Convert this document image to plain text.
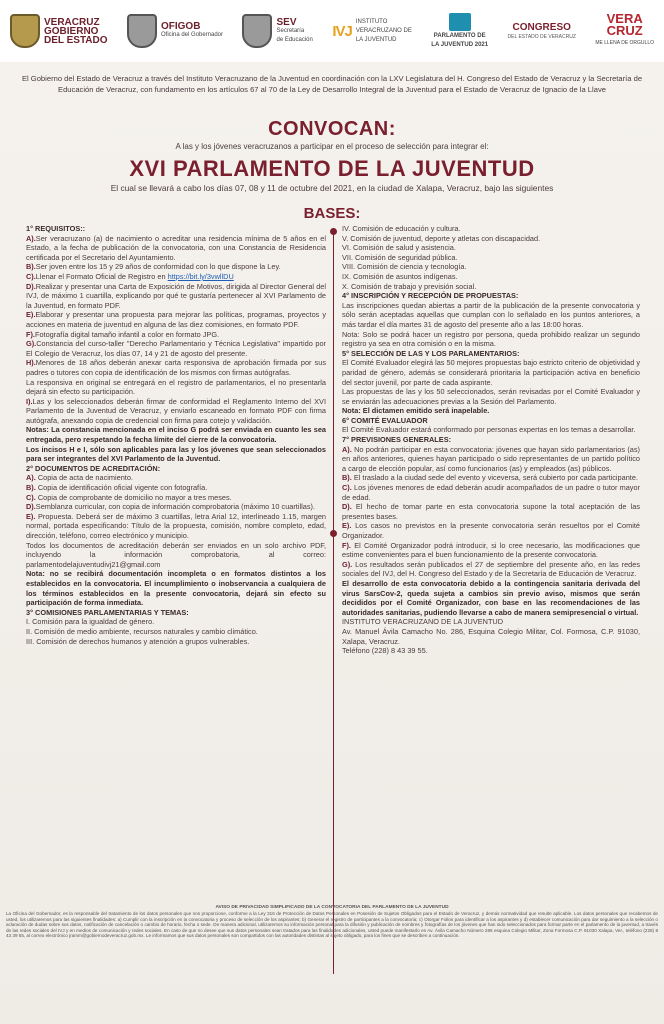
VERACRUZ
GOBIERNO
DEL ESTADO
OFIGOB
Oficina del Gobernador
SEV
Secretaría
de Educación IVJ
INSTITUTO
VERACRUZANO DE
LA JUVENTUD
PARLAMENTO DE
LA JUVENTUD 2021
CONGRESO
DEL ESTADO DE VERACRUZ
VERA
CRUZ
ME LLENA DE ORGULLO
El Gobierno del Estado de Veracruz a través del Instituto Veracruzano de la Juventud en coordinación con la LXV Legislatura del H. Congreso del Estado de Veracruz y la Secretaría de Educación de Veracruz, con fundamento en los artículos 67 al 70 de la Ley de Desarrollo Integral de la Juventud para el Estado de Veracruz de Ignacio de la Llave
CONVOCAN:
A las y los jóvenes veracruzanos a participar en el proceso de selección para integrar el:
XVI PARLAMENTO DE LA JUVENTUD
El cual se llevará a cabo los días 07, 08 y 11 de octubre del 2021, en la ciudad de Xalapa, Veracruz, bajo las siguientes
BASES:

1° REQUISITOS::

A).Ser veracruzano (a) de nacimiento o acreditar una residencia mínima de 5 años en el Estado, a la fecha de publicación de la convocatoria, con una Constancia de Residencia certificada por el Secretario del Ayuntamiento.

B).Ser joven entre los 15 y 29 años de conformidad con lo que dispone la Ley.

C).Llenar el Formato Oficial de Registro en https://bit.ly/3vwllDU

D).Realizar y presentar una Carta de Exposición de Motivos, dirigida al Director General del IVJ, de máximo 1 cuartilla, explicando por qué te gustaría pertenecer al XVI Parlamento de la Juventud, en formato PDF.

E).Elaborar y presentar una propuesta para mejorar las políticas, programas, proyectos y acciones en materia de juventud en alguna de las diez comisiones, en formato PDF.

F).Fotografía digital tamaño infantil a color en formato JPG.

G).Constancia del curso-taller "Derecho Parlamentario y Técnica Legislativa" impartido por El Colegio de Veracruz, los días 07, 14 y 21 de agosto del presente.

H).Menores de 18 años deberán anexar carta responsiva de aprobación firmada por sus padres o tutores con copia de identificación de los mismos con firmas autógrafas.

La responsiva en original se entregará en el registro de parlamentarios, el no presentarla dejará sin efecto su participación.

I).Las y los seleccionados deberán firmar de conformidad el Reglamento Interno del XVI Parlamento de la Juventud de Veracruz, y enviarlo escaneado en formato PDF con firma autógrafa, anexando copia de credencial con firma para cotejo y validación.

Notas: La constancia mencionada en el inciso G podrá ser enviada en cuanto les sea entregada, pero respetando la fecha límite del cierre de la convocatoria.

Los incisos H e I, sólo son aplicables para las y los jóvenes que sean seleccionados para ser integrantes del XVI Parlamento de la Juventud.

2° DOCUMENTOS DE ACREDITACIÓN:

A). Copia de acta de nacimiento.

B). Copia de identificación oficial vigente con fotografía.

C). Copia de comprobante de domicilio no mayor a tres meses.

D).Semblanza curricular, con copia de información comprobatoria (máximo 10 cuartillas).

E). Propuesta. Deberá ser de máximo 3 cuartillas, letra Arial 12, interlineado 1.15, margen normal, portada especificando: Título de la propuesta, comisión, nombre completo, edad, dirección, teléfono, correo electrónico y municipio.

Todos los documentos de acreditación deberán ser enviados en un solo archivo PDF, incluyendo la información comprobatoria, al correo: parlamentodelajuventudivj21@gmail.com

Nota: no se recibirá documentación incompleta o en formatos distintos a los establecidos en la convocatoria. El incumplimiento o inobservancia a cualquiera de los términos establecidos en la presente convocatoria, dejará sin efecto su participación de forma inmediata.

3° COMISIONES PARLAMENTARIAS Y TEMAS:

I. Comisión para la igualdad de género.

II. Comisión de medio ambiente, recursos naturales y cambio climático.

III. Comisión de derechos humanos y atención a grupos vulnerables.

IV. Comisión de educación y cultura.

V. Comisión de juventud, deporte y atletas con discapacidad.

VI. Comisión de salud y asistencia.

VII. Comisión de seguridad pública.

VIII. Comisión de ciencia y tecnología.

IX. Comisión de asuntos indígenas.

X. Comisión de trabajo y previsión social.

4° INSCRIPCIÓN Y RECEPCIÓN DE PROPUESTAS:

Las inscripciones quedan abiertas a partir de la publicación de la presente convocatoria y sólo serán aceptadas aquellas que cumplan con lo señalado en los puntos anteriores, a más tardar el día martes 31 de agosto del presente año a las 18:00 horas.

Nota: Solo se podrá hacer un registro por persona, queda prohibido realizar un segundo registro ya sea en otra comisión o en la misma.

5° SELECCIÓN DE LAS Y LOS PARLAMENTARIOS:

El Comité Evaluador elegirá las 50 mejores propuestas bajo estricto criterio de objetividad y paridad de género, además se considerará prioritaria la participación activa en beneficio del sector juvenil, por parte de cada aspirante.

Las propuestas de las y los 50 seleccionados, serán revisadas por el Comité Evaluador y se enviarán las adecuaciones previas a la Sesión del Parlamento.

Nota: El dictamen emitido será inapelable.

6° COMITÉ EVALUADOR

El Comité Evaluador estará conformado por personas expertas en los temas a desarrollar.

7° PREVISIONES GENERALES:

A). No podrán participar en esta convocatoria: jóvenes que hayan sido parlamentarios (as) en años anteriores, quienes hayan participado o sido representantes de un partido político a cargo de elección popular, así como funcionarios (as) y empleados (as) públicos.

B). El traslado a la ciudad sede del evento y viceversa, será cubierto por cada participante.

C). Los jóvenes menores de edad deberán acudir acompañados de un padre o tutor mayor de edad.

D). El hecho de tomar parte en esta convocatoria supone la total aceptación de las presentes bases.

E). Los casos no previstos en la presente convocatoria serán resueltos por el Comité Organizador.

F). El Comité Organizador podrá introducir, si lo cree necesario, las modificaciones que estime convenientes para el buen funcionamiento de la presente convocatoria.

G). Los resultados serán publicados el 27 de septiembre del presente año, en las redes sociales del IVJ, del H. Congreso del Estado y de la Secretaría de Educación de Veracruz.

El desarrollo de esta convocatoria debido a la contingencia sanitaria derivada del virus SarsCov-2, queda sujeta a cambios sin previo aviso, mismos que serán decididos por el Comité Organizador, con base en las recomendaciones de las autoridades sanitarias, pudiendo llevarse a cabo de manera semipresencial o virtual.

INSTITUTO VERACRUZANO DE LA JUVENTUD

Av. Manuel Ávila Camacho No. 286, Esquina Colegio Militar, Col. Formosa, C.P. 91030, Xalapa, Veracruz.

Teléfono (228) 8 43 39 55.

AVISO DE PRIVACIDAD SIMPLIFICADO DE LA CONVOCATORIA DEL PARLAMENTO DE LA JUVENTUD
La Oficina del Gobernador, es la responsable del tratamiento de los datos personales que nos proporcione, conforme a la Ley 316 de Protección de Datos Personales en Posesión de Sujetos Obligados para el Estado de Veracruz, y demás normatividad que resulte aplicable. Los datos personales que recabemos de usted, los utilizaremos para las siguientes finalidades: a) Cumplir con la inscripción en la convocatoria y proceso de selección de los aspirantes; b) Generar el registro de participantes a la convocatoria; c) Otorgar Folios para identificar a los aspirantes y d) establecer comunicación para dar seguimiento a la selección o aclaración de dudas sobre sus datos, notificación de cancelación o cambio de horario, fecha o sede. De manera adicional, utilizaremos su información personal para la difusión y publicación de nombres y fotografías de los jóvenes que han sido seleccionados para formar parte en el parlamento de la juventud, a través de las redes sociales del IVJ y en medios de comunicación y redes sociales. En caso de que no desee que sus datos personales sean tratados para las finalidades adicionales, usted puede manifestarlo en Av. Ávila Camacho Número 286 esquina Colegio Militar, Zona Formosa C.P. 91030 Xalapa, Ver., teléfono (228) 8 43 39 55, al correo electrónico jramm@gobiernodeveracruz.gob.mx. Le informamos que sus datos personales son compartidos con las autoridades distintas al sujeto obligado, para los fines que se describen a continuación.
